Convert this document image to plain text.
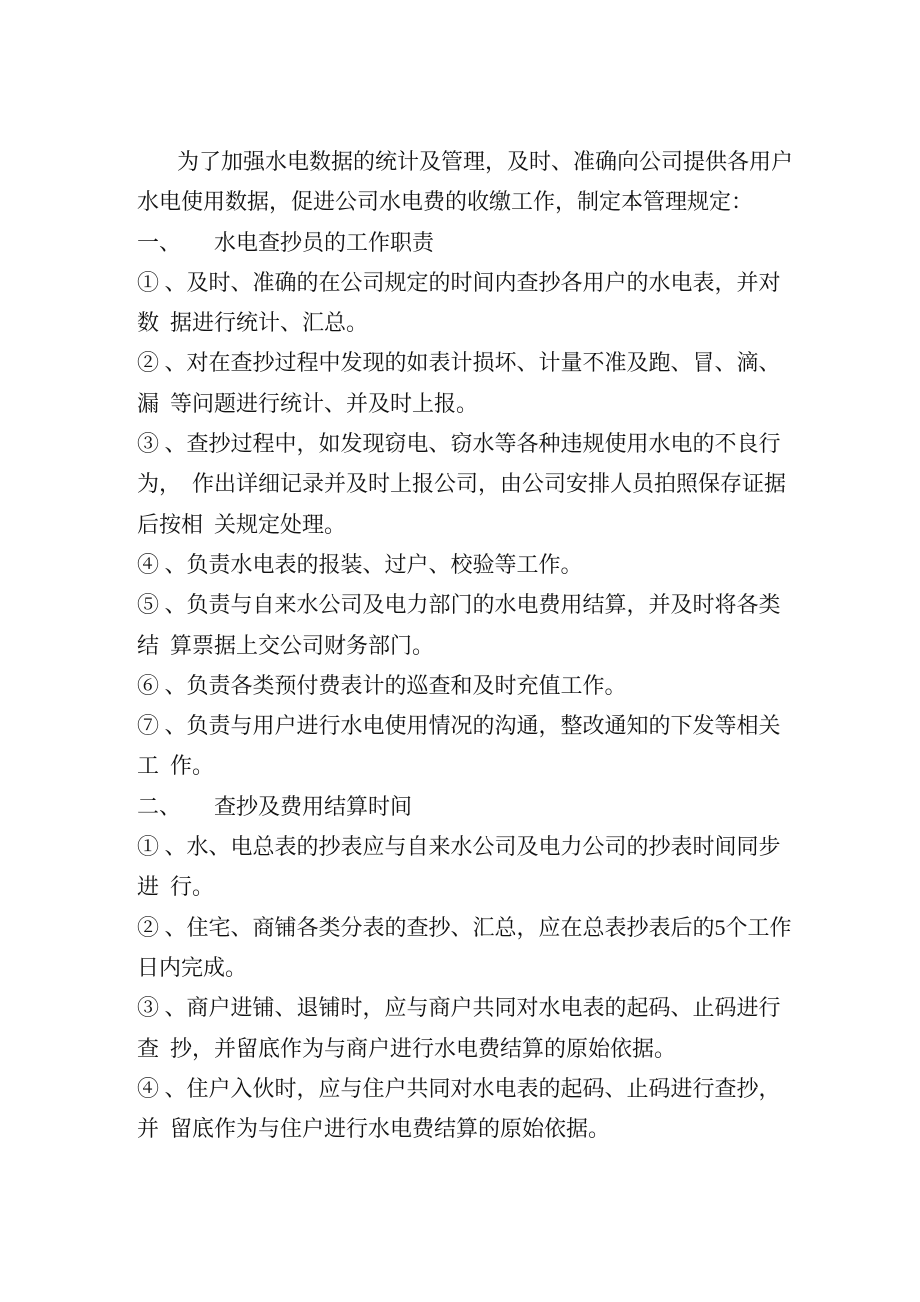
为了加强水电数据的统计及管理，及时、准确向公司提供各用户
水电使用数据，促进公司水电费的收缴工作，制定本管理规定：
一、      水电查抄员的工作职责
① 、及时、准确的在公司规定的时间内查抄各用户的水电表，并对
数  据进行统计、汇总。
② 、对在查抄过程中发现的如表计损坏、计量不准及跑、冒、滴、
漏  等问题进行统计、并及时上报。
③ 、查抄过程中，如发现窃电、窃水等各种违规使用水电的不良行
为，  作出详细记录并及时上报公司，由公司安排人员拍照保存证据
后按相  关规定处理。
④ 、负责水电表的报装、过户、校验等工作。
⑤ 、负责与自来水公司及电力部门的水电费用结算，并及时将各类
结  算票据上交公司财务部门。
⑥ 、负责各类预付费表计的巡查和及时充值工作。
⑦ 、负责与用户进行水电使用情况的沟通，整改通知的下发等相关
工  作。
二、      查抄及费用结算时间
① 、水、电总表的抄表应与自来水公司及电力公司的抄表时间同步
进  行。
② 、住宅、商铺各类分表的查抄、汇总，应在总表抄表后的5个工作
日内完成。
③ 、商户进铺、退铺时，应与商户共同对水电表的起码、止码进行
查  抄，并留底作为与商户进行水电费结算的原始依据。
④ 、住户入伙时，应与住户共同对水电表的起码、止码进行查抄，
并  留底作为与住户进行水电费结算的原始依据。
